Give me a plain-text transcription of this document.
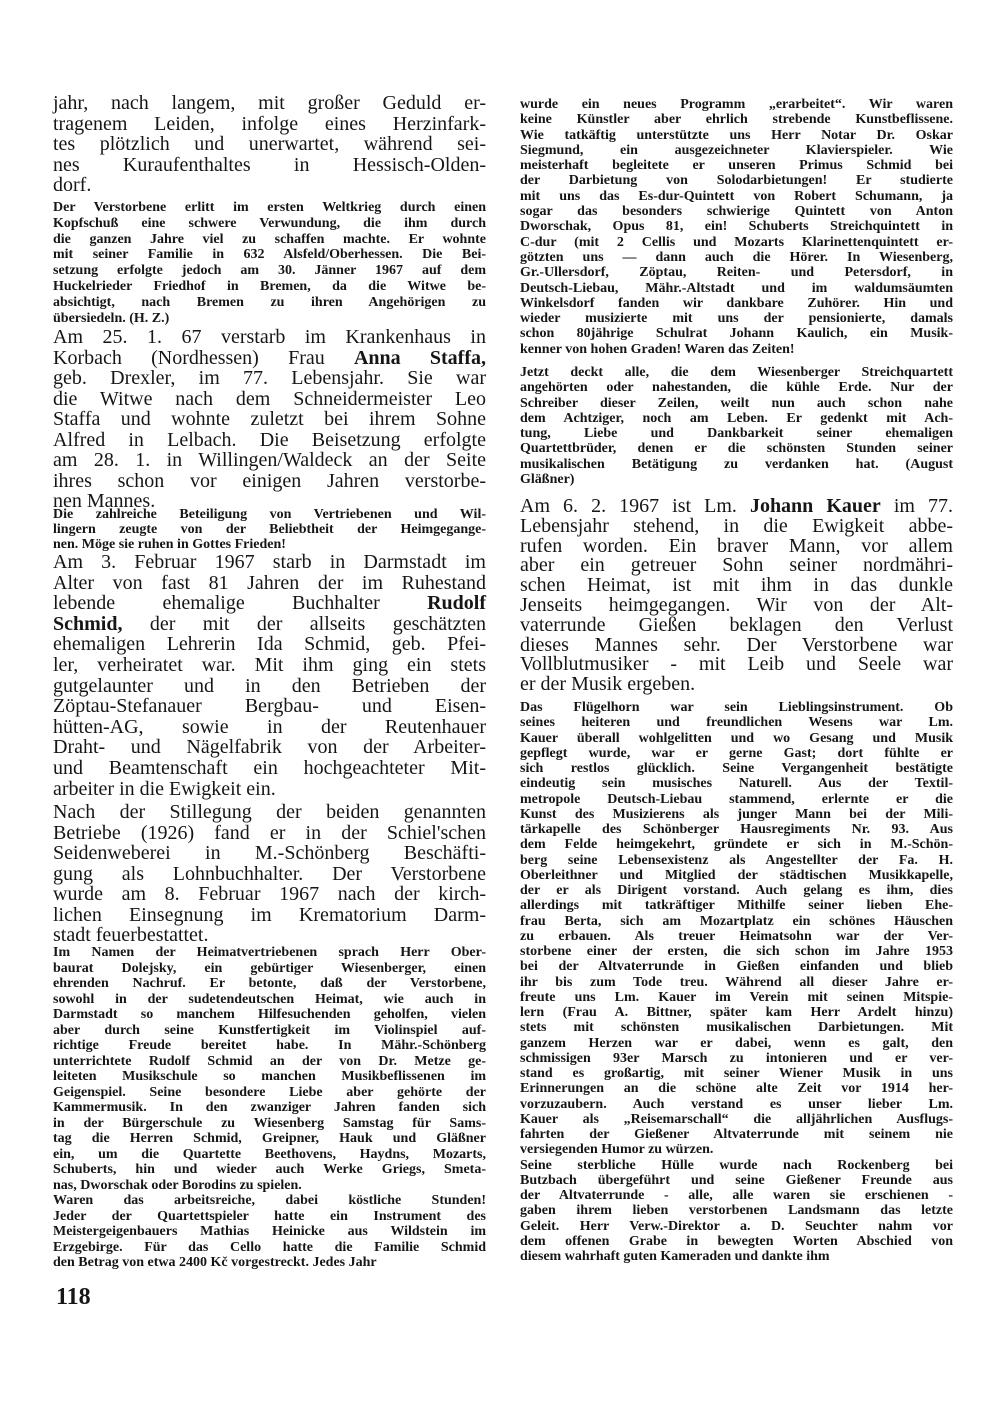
jahr, nach langem, mit großer Geduld er-
tragenem Leiden, infolge eines Herzinfark-
tes plötzlich und unerwartet, während sei-
nes Kuraufenthaltes in Hessisch-Olden-
dorf.
Der Verstorbene erlitt im ersten Weltkrieg durch einen
Kopfschuß eine schwere Verwundung, die ihm durch
die ganzen Jahre viel zu schaffen machte. Er wohnte
mit seiner Familie in 632 Alsfeld/Oberhessen. Die Bei-
setzung erfolgte jedoch am 30. Jänner 1967 auf dem
Huckelrieder Friedhof in Bremen, da die Witwe be-
absichtigt, nach Bremen zu ihren Angehörigen zu
übersiedeln. (H. Z.)
Am 25. 1. 67 verstarb im Krankenhaus in
Korbach (Nordhessen) Frau Anna Staffa,
geb. Drexler, im 77. Lebensjahr. Sie war
die Witwe nach dem Schneidermeister Leo
Staffa und wohnte zuletzt bei ihrem Sohne
Alfred in Lelbach. Die Beisetzung erfolgte
am 28. 1. in Willingen/Waldeck an der Seite
ihres schon vor einigen Jahren verstorbe-
nen Mannes.
Die zahlreiche Beteiligung von Vertriebenen und Wil-
lingern zeugte von der Beliebtheit der Heimgegange-
nen. Möge sie ruhen in Gottes Frieden!
Am 3. Februar 1967 starb in Darmstadt im
Alter von fast 81 Jahren der im Ruhestand
lebende ehemalige Buchhalter Rudolf
Schmid, der mit der allseits geschätzten
ehemaligen Lehrerin Ida Schmid, geb. Pfei-
ler, verheiratet war. Mit ihm ging ein stets
gutgelaunter und in den Betrieben der
Zöptau-Stefanauer Bergbau- und Eisen-
hütten-AG, sowie in der Reutenhauer
Draht- und Nägelfabrik von der Arbeiter-
und Beamtenschaft ein hochgeachteter Mit-
arbeiter in die Ewigkeit ein.
Nach der Stillegung der beiden genannten
Betriebe (1926) fand er in der Schiel'schen
Seidenweberei in M.-Schönberg Beschäfti-
gung als Lohnbuchhalter. Der Verstorbene
wurde am 8. Februar 1967 nach der kirch-
lichen Einsegnung im Krematorium Darm-
stadt feuerbestattet.
Im Namen der Heimatvertriebenen sprach Herr Ober-
baurat Dolejsky, ein gebürtiger Wiesenberger, einen
ehrenden Nachruf. Er betonte, daß der Verstorbene,
sowohl in der sudetendeutschen Heimat, wie auch in
Darmstadt so manchem Hilfesuchenden geholfen, vielen
aber durch seine Kunstfertigkeit im Violinspiel auf-
richtige Freude bereitet habe. In Mähr.-Schönberg
unterrichtete Rudolf Schmid an der von Dr. Metze ge-
leiteten Musikschule so manchen Musikbeflissenen im
Geigenspiel. Seine besondere Liebe aber gehörte der
Kammermusik. In den zwanziger Jahren fanden sich
in der Bürgerschule zu Wiesenberg Samstag für Sams-
tag die Herren Schmid, Greipner, Hauk und Gläßner
ein, um die Quartette Beethovens, Haydns, Mozarts,
Schuberts, hin und wieder auch Werke Griegs, Smeta-
nas, Dworschak oder Borodins zu spielen.
Waren das arbeitsreiche, dabei köstliche Stunden!
Jeder der Quartettspieler hatte ein Instrument des
Meistergeigenbauers Mathias Heinicke aus Wildstein im
Erzgebirge. Für das Cello hatte die Familie Schmid
den Betrag von etwa 2400 Kč vorgestreckt. Jedes Jahr
wurde ein neues Programm „erarbeitet“. Wir waren
keine Künstler aber ehrlich strebende Kunstbeflissene.
Wie tatkäftig unterstützte uns Herr Notar Dr. Oskar
Siegmund, ein ausgezeichneter Klavierspieler. Wie
meisterhaft begleitete er unseren Primus Schmid bei
der Darbietung von Solodarbietungen! Er studierte
mit uns das Es-dur-Quintett von Robert Schumann, ja
sogar das besonders schwierige Quintett von Anton
Dworschak, Opus 81, ein! Schuberts Streichquintett in
C-dur (mit 2 Cellis und Mozarts Klarinettenquintett er-
götzten uns — dann auch die Hörer. In Wiesenberg,
Gr.-Ullersdorf, Zöptau, Reiten- und Petersdorf, in
Deutsch-Liebau, Mähr.-Altstadt und im waldumsäumten
Winkelsdorf fanden wir dankbare Zuhörer. Hin und
wieder musizierte mit uns der pensionierte, damals
schon 80jährige Schulrat Johann Kaulich, ein Musik-
kenner von hohen Graden! Waren das Zeiten!
Jetzt deckt alle, die dem Wiesenberger Streichquartett
angehörten oder nahestanden, die kühle Erde. Nur der
Schreiber dieser Zeilen, weilt nun auch schon nahe
dem Achtziger, noch am Leben. Er gedenkt mit Ach-
tung, Liebe und Dankbarkeit seiner ehemaligen
Quartettbrüder, denen er die schönsten Stunden seiner
musikalischen Betätigung zu verdanken hat. (August
Gläßner)
Am 6. 2. 1967 ist Lm. Johann Kauer im 77.
Lebensjahr stehend, in die Ewigkeit abbe-
rufen worden. Ein braver Mann, vor allem
aber ein getreuer Sohn seiner nordmähri-
schen Heimat, ist mit ihm in das dunkle
Jenseits heimgegangen. Wir von der Alt-
vaterrunde Gießen beklagen den Verlust
dieses Mannes sehr. Der Verstorbene war
Vollblutmusiker - mit Leib und Seele war
er der Musik ergeben.
Das Flügelhorn war sein Lieblingsinstrument. Ob
seines heiteren und freundlichen Wesens war Lm.
Kauer überall wohlgelitten und wo Gesang und Musik
gepflegt wurde, war er gerne Gast; dort fühlte er
sich restlos glücklich. Seine Vergangenheit bestätigte
eindeutig sein musisches Naturell. Aus der Textil-
metropole Deutsch-Liebau stammend, erlernte er die
Kunst des Musizierens als junger Mann bei der Mili-
tärkapelle des Schönberger Hausregiments Nr. 93. Aus
dem Felde heimgekehrt, gründete er sich in M.-Schön-
berg seine Lebensexistenz als Angestellter der Fa. H.
Oberleithner und Mitglied der städtischen Musikkapelle,
der er als Dirigent vorstand. Auch gelang es ihm, dies
allerdings mit tatkräftiger Mithilfe seiner lieben Ehe-
frau Berta, sich am Mozartplatz ein schönes Häuschen
zu erbauen. Als treuer Heimatsohn war der Ver-
storbene einer der ersten, die sich schon im Jahre 1953
bei der Altvaterrunde in Gießen einfanden und blieb
ihr bis zum Tode treu. Während all dieser Jahre er-
freute uns Lm. Kauer im Verein mit seinen Mitspie-
lern (Frau A. Bittner, später kam Herr Ardelt hinzu)
stets mit schönsten musikalischen Darbietungen. Mit
ganzem Herzen war er dabei, wenn es galt, den
schmissigen 93er Marsch zu intonieren und er ver-
stand es großartig, mit seiner Wiener Musik in uns
Erinnerungen an die schöne alte Zeit vor 1914 her-
vorzuzaubern. Auch verstand es unser lieber Lm.
Kauer als „Reisemarschall“ die alljährlichen Ausflugs-
fahrten der Gießener Altvaterrunde mit seinem nie
versiegenden Humor zu würzen.
Seine sterbliche Hülle wurde nach Rockenberg bei
Butzbach übergeführt und seine Gießener Freunde aus
der Altvaterrunde - alle, alle waren sie erschienen -
gaben ihrem lieben verstorbenen Landsmann das letzte
Geleit. Herr Verw.-Direktor a. D. Seuchter nahm vor
dem offenen Grabe in bewegten Worten Abschied von
diesem wahrhaft guten Kameraden und dankte ihm
118
